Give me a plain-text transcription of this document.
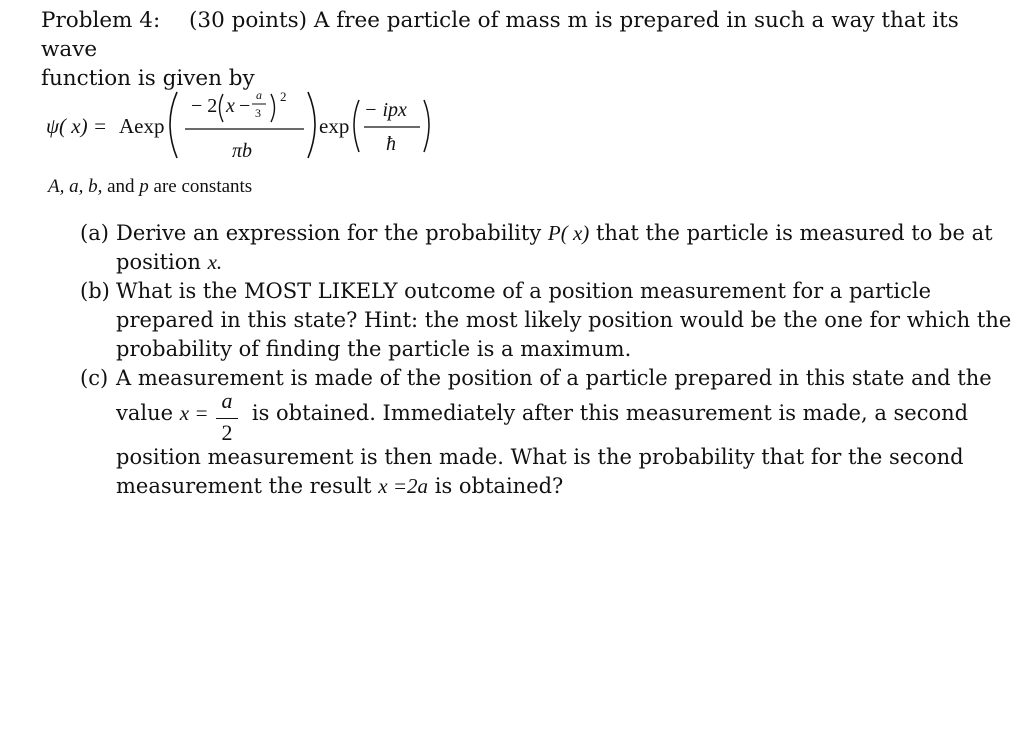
Problem 4: (30 points) A free particle of mass m is prepared in such a way that its wave
function is given by
ψ( x) = Aexp
− 2 x − a
3
2
πb
exp
− ipx
ħ
A, a, b, and p are constants
(a) Derive an expression for the probability P( x) that the particle is measured to be at
position x.
(b) What is the MOST LIKELY outcome of a position measurement for a particle
prepared in this state? Hint: the most likely position would be the one for which the
probability of finding the particle is a maximum.
(c) A measurement is made of the position of a particle prepared in this state and the
value x = is obtained. Immediately after this measurement is made, a second
a
2
position measurement is then made. What is the probability that for the second
measurement the result x =2a is obtained?
